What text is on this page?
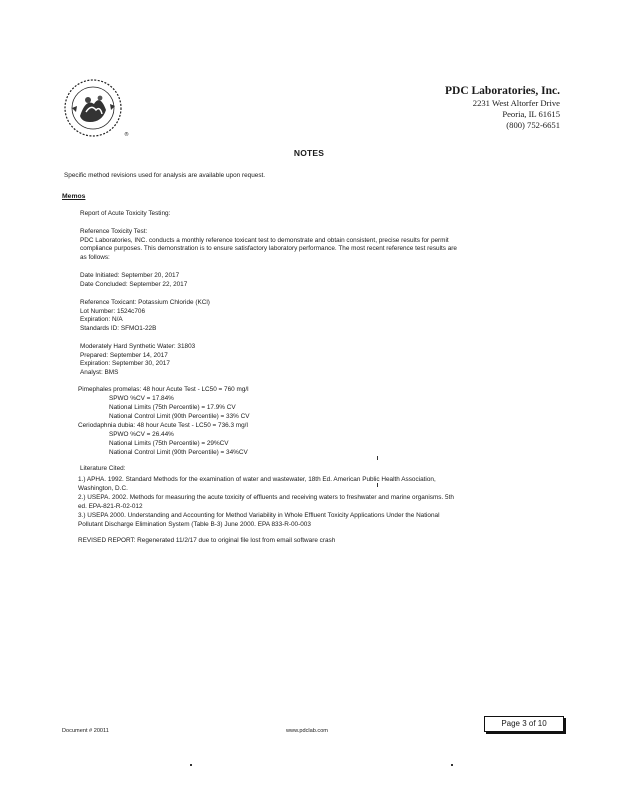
®
PDC Laboratories, Inc.
2231 West Altorfer Drive
Peoria, IL 61615
(800) 752-6651
NOTES
Specific method revisions used for analysis are available upon request.
Memos
Report of Acute Toxicity Testing:
Reference Toxicity Test:
PDC Laboratories, INC. conducts a monthly reference toxicant test to demonstrate and obtain consistent, precise results for permit
compliance purposes. This demonstration is to ensure satisfactory laboratory performance. The most recent reference test results are
as follows:
Date Initiated: September 20, 2017
Date Concluded: September 22, 2017
Reference Toxicant: Potassium Chloride (KCl)
Lot Number: 1524c706
Expiration: N/A
Standards ID: SFMO1-22B
Moderately Hard Synthetic Water: 31803
Prepared: September 14, 2017
Expiration: September 30, 2017
Analyst: BMS
Pimephales promelas: 48 hour Acute Test - LC50 = 760 mg/l
SPWO %CV = 17.84%
National Limits (75th Percentile) = 17.9% CV
National Control Limit (90th Percentile) = 33% CV
Ceriodaphnia dubia: 48 hour Acute Test - LC50 = 736.3 mg/l
SPWO %CV = 26.44%
National Limits (75th Percentile) = 29%CV
National Control Limit (90th Percentile) = 34%CV
Literature Cited:
1.) APHA. 1992. Standard Methods for the examination of water and wastewater, 18th Ed. American Public Health Association,
Washington, D.C.
2.) USEPA. 2002. Methods for measuring the acute toxicity of effluents and receiving waters to freshwater and marine organisms. 5th
ed. EPA-821-R-02-012
3.) USEPA 2000. Understanding and Accounting for Method Variability in Whole Effluent Toxicity Applications Under the National
Pollutant Discharge Elimination System (Table B-3) June 2000. EPA 833-R-00-003
REVISED REPORT: Regenerated 11/2/17 due to original file lost from email software crash
Document # 20011	www.pdclab.com
Page 3 of 10
